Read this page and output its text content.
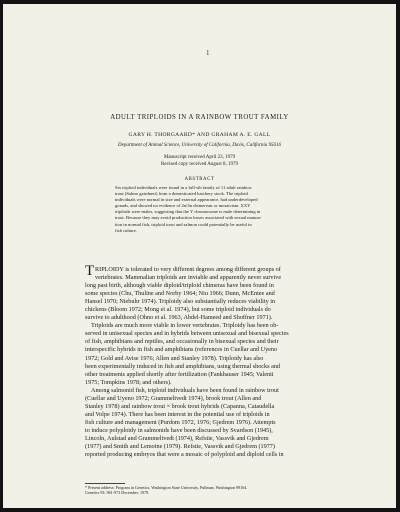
1
ADULT TRIPLOIDS IN A RAINBOW TROUT FAMILY
GARY H. THORGAARD* AND GRAHAM A. E. GALL
Department of Animal Science, University of California, Davis, California 95616
Manuscript received April 23, 1979
Revised copy received August 8, 1979
ABSTRACT
Six triploid individuals were found in a full-sib family of 11 adult rainbow
trout (Salmo gairdneri) from a domesticated hatchery stock. The triploid
individuals were normal in size and external appearance, had underdeveloped
gonads, and showed no evidence of 2n/3n chimerism or mosaicism. XXY
triploids were males, suggesting that the Y chromosome is male determining in
trout. Because they may avoid production losses associated with sexual matura-
tion in normal fish, triploid trout and salmon could potentially be useful in
fish culture.
T RIPLOIDY is tolerated to very different degrees among different groups of
vertebrates. Mammalian triploids are inviable and apparently never survive
long past birth, although viable diploid/triploid chimeras have been found in
some species (Chu, Thuline and Norby 1964; Niu 1966; Dunn, McEntee and
Hansel 1970; Niebuhr 1974). Triploidy also substantially reduces viability in
chickens (Bloom 1972; Mong et al. 1974), but some triploid individuals do
survive to adulthood (Ohno et al. 1963, Abdel-Hameed and Shoffner 1971).
Triploids are much more viable in lower vertebrates. Triploidy has been ob-
served in unisexual species and in hybrids between unisexual and bisexual species
of fish, amphibians and reptiles, and occasionally in bisexual species and their
interspecific hybrids in fish and amphibians (references in Cuellar and Uyeno
1972; Gold and Avise 1976; Allen and Stanley 1978). Triploidy has also
been experimentally induced in fish and amphibians, using thermal shocks and
other treatments applied shortly after fertilization (Fankhauser 1945; Valenti
1975; Tompkins 1978; and others).
Among salmonid fish, triploid individuals have been found in rainbow trout
(Cuellar and Uyeno 1972; Grammeltvedt 1974), brook trout (Allen and
Stanley 1978) and rainbow trout × brook trout hybrids (Capanna, Cataudella
and Volpe 1974). There has been interest in the potential use of triploids in
fish culture and management (Purdom 1972, 1976; Gjedrem 1976). Attempts
to induce polyploidy in salmonids have been discussed by Svardson (1945),
Lincoln, Aulstad and Grammeltvedt (1974), Refstie, Vassvik and Gjedrem
(1977) and Smith and Lemoine (1979). Refstie, Vassvik and Gjedrem (1977)
reported producing embryos that were a mosaic of polyploid and diploid cells in
* Present address: Program in Genetics, Washington State University, Pullman, Washington 99164.
Genetics 93: 961-973 December, 1979.
